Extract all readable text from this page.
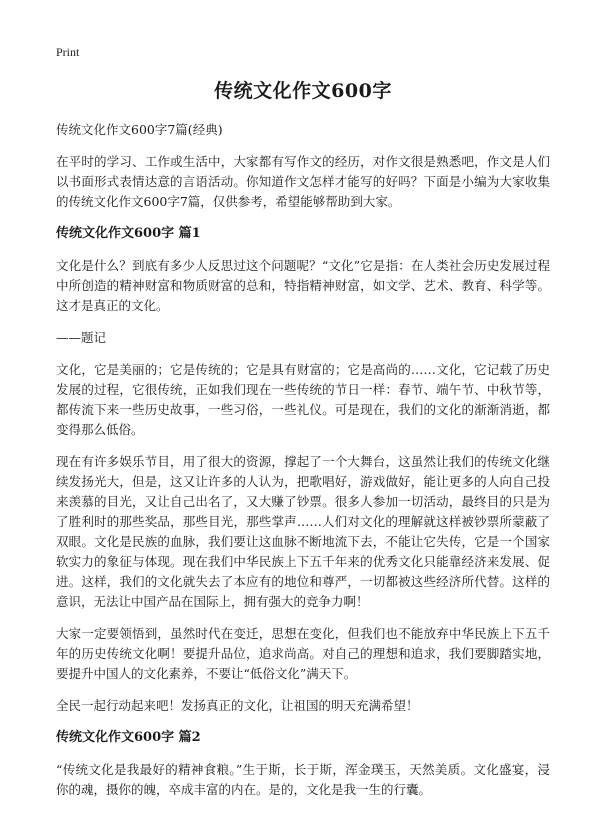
Print
传统文化作文600字
传统文化作文600字7篇(经典)

在平时的学习、工作或生活中，大家都有写作文的经历，对作文很是熟悉吧，作文是人们以书面形式表情达意的言语活动。你知道作文怎样才能写的好吗？下面是小编为大家收集的传统文化作文600字7篇，仅供参考，希望能够帮助到大家。

传统文化作文600字 篇1

文化是什么？到底有多少人反思过这个问题呢？“文化”它是指：在人类社会历史发展过程中所创造的精神财富和物质财富的总和，特指精神财富，如文学、艺术、教育、科学等。这才是真正的文化。

——题记

文化，它是美丽的；它是传统的；它是具有财富的；它是高尚的……文化，它记载了历史发展的过程，它很传统，正如我们现在一些传统的节日一样：春节、端午节、中秋节等，都传流下来一些历史故事，一些习俗，一些礼仪。可是现在，我们的文化的渐渐消逝，都变得那么低俗。

现在有许多娱乐节目，用了很大的资源，撑起了一个大舞台，这虽然让我们的传统文化继续发扬光大，但是，这又让许多的人认为，把歌唱好，游戏做好，能让更多的人向自己投来羡慕的目光，又让自己出名了，又大赚了钞票。很多人参加一切活动，最终目的只是为了胜利时的那些奖品，那些目光，那些掌声……人们对文化的理解就这样被钞票所蒙蔽了双眼。文化是民族的血脉，我们要让这血脉不断地流下去，不能让它失传，它是一个国家软实力的象征与体现。现在我们中华民族上下五千年来的优秀文化只能靠经济来发展、促进。这样，我们的文化就失去了本应有的地位和尊严，一切都被这些经济所代替。这样的意识，无法让中国产品在国际上，拥有强大的竞争力啊！

大家一定要领悟到，虽然时代在变迁，思想在变化，但我们也不能放弃中华民族上下五千年的历史传统文化啊！要提升品位，追求尚高。对自己的理想和追求，我们要脚踏实地，要提升中国人的文化素养，不要让“低俗文化”满天下。

全民一起行动起来吧！发扬真正的文化，让祖国的明天充满希望！

传统文化作文600字 篇2

“传统文化是我最好的精神食粮。”生于斯，长于斯，浑金璞玉，天然美质。文化盛宴，浸你的魂，摄你的魄，卒成丰富的内在。是的，文化是我一生的行囊。
